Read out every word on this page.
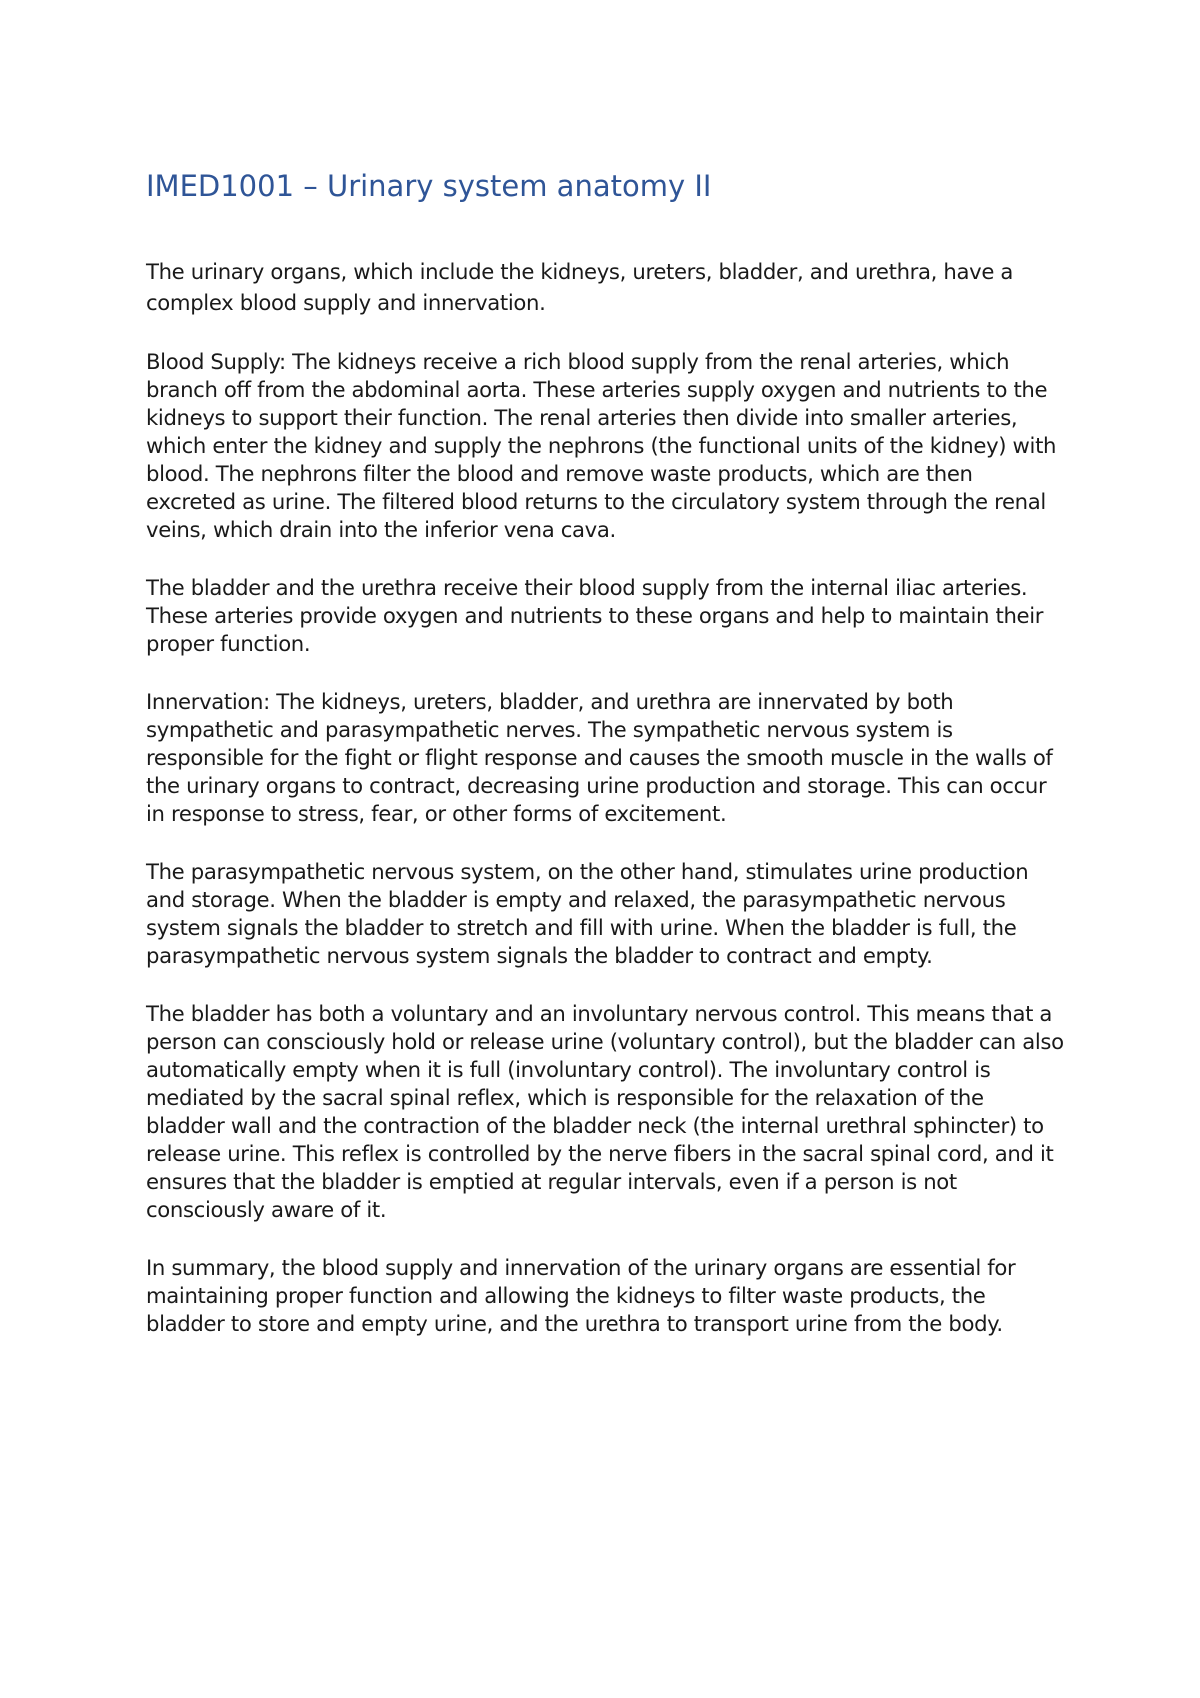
IMED1001 – Urinary system anatomy II

The urinary organs, which include the kidneys, ureters, bladder, and urethra, have a complex blood supply and innervation.

Blood Supply: The kidneys receive a rich blood supply from the renal arteries, which branch off from the abdominal aorta. These arteries supply oxygen and nutrients to the kidneys to support their function. The renal arteries then divide into smaller arteries, which enter the kidney and supply the nephrons (the functional units of the kidney) with blood. The nephrons filter the blood and remove waste products, which are then excreted as urine. The filtered blood returns to the circulatory system through the renal veins, which drain into the inferior vena cava.

The bladder and the urethra receive their blood supply from the internal iliac arteries. These arteries provide oxygen and nutrients to these organs and help to maintain their proper function.

Innervation: The kidneys, ureters, bladder, and urethra are innervated by both sympathetic and parasympathetic nerves. The sympathetic nervous system is responsible for the fight or flight response and causes the smooth muscle in the walls of the urinary organs to contract, decreasing urine production and storage. This can occur in response to stress, fear, or other forms of excitement.

The parasympathetic nervous system, on the other hand, stimulates urine production and storage. When the bladder is empty and relaxed, the parasympathetic nervous system signals the bladder to stretch and fill with urine. When the bladder is full, the parasympathetic nervous system signals the bladder to contract and empty.

The bladder has both a voluntary and an involuntary nervous control. This means that a person can consciously hold or release urine (voluntary control), but the bladder can also automatically empty when it is full (involuntary control). The involuntary control is mediated by the sacral spinal reflex, which is responsible for the relaxation of the bladder wall and the contraction of the bladder neck (the internal urethral sphincter) to release urine. This reflex is controlled by the nerve fibers in the sacral spinal cord, and it ensures that the bladder is emptied at regular intervals, even if a person is not consciously aware of it.

In summary, the blood supply and innervation of the urinary organs are essential for maintaining proper function and allowing the kidneys to filter waste products, the bladder to store and empty urine, and the urethra to transport urine from the body.
